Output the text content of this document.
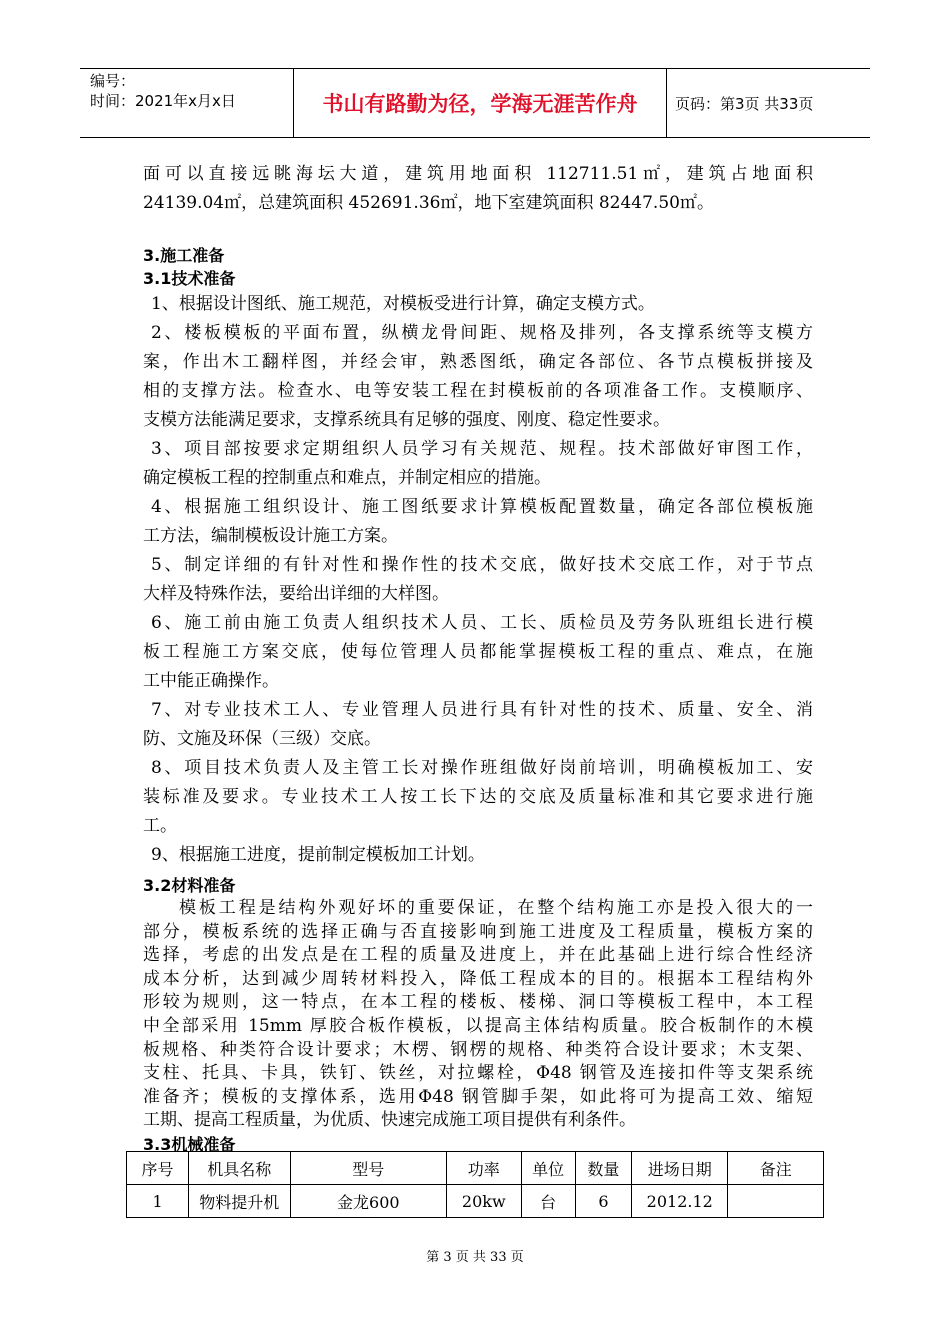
编号：
时间：2021年x月x日	书山有路勤为径，学海无涯苦作舟	页码：第3页 共33页

面可以直接远眺海坛大道，建筑用地面积 112711.51㎡，建筑占地面积

24139.04㎡，总建筑面积 452691.36㎡，地下室建筑面积 82447.50㎡。

3.施工准备

3.1技术准备

1、根据设计图纸、施工规范，对模板受进行计算，确定支模方式。

2、楼板模板的平面布置，纵横龙骨间距、规格及排列，各支撑系统等支模方

案，作出木工翻样图，并经会审，熟悉图纸，确定各部位、各节点模板拼接及

相的支撑方法。检查水、电等安装工程在封模板前的各项准备工作。支模顺序、

支模方法能满足要求，支撑系统具有足够的强度、刚度、稳定性要求。

3、项目部按要求定期组织人员学习有关规范、规程。技术部做好审图工作，

确定模板工程的控制重点和难点，并制定相应的措施。

4、根据施工组织设计、施工图纸要求计算模板配置数量，确定各部位模板施

工方法，编制模板设计施工方案。

5、制定详细的有针对性和操作性的技术交底，做好技术交底工作，对于节点

大样及特殊作法，要给出详细的大样图。

6、施工前由施工负责人组织技术人员、工长、质检员及劳务队班组长进行模

板工程施工方案交底，使每位管理人员都能掌握模板工程的重点、难点，在施

工中能正确操作。

7、对专业技术工人、专业管理人员进行具有针对性的技术、质量、安全、消

防、文施及环保（三级）交底。

8、项目技术负责人及主管工长对操作班组做好岗前培训，明确模板加工、安

装标准及要求。专业技术工人按工长下达的交底及质量标准和其它要求进行施

工。

9、根据施工进度，提前制定模板加工计划。

3.2材料准备

模板工程是结构外观好坏的重要保证，在整个结构施工亦是投入很大的一

部分，模板系统的选择正确与否直接影响到施工进度及工程质量，模板方案的

选择，考虑的出发点是在工程的质量及进度上，并在此基础上进行综合性经济

成本分析，达到减少周转材料投入，降低工程成本的目的。根据本工程结构外

形较为规则，这一特点，在本工程的楼板、楼梯、洞口等模板工程中，本工程

中全部采用 15mm 厚胶合板作模板，以提高主体结构质量。胶合板制作的木模

板规格、种类符合设计要求；木楞、钢楞的规格、种类符合设计要求；木支架、

支柱、托具、卡具，铁钉、铁丝，对拉螺栓，Φ48 钢管及连接扣件等支架系统

准备齐；模板的支撑体系，选用Φ48 钢管脚手架，如此将可为提高工效、缩短

工期、提高工程质量，为优质、快速完成施工项目提供有利条件。

3.3机械准备

序号	机具名称	型号	功率	单位	数量	进场日期	备注
1	物料提升机	金龙600	20kw	台	6	2012.12	
第 3 页 共 33 页
